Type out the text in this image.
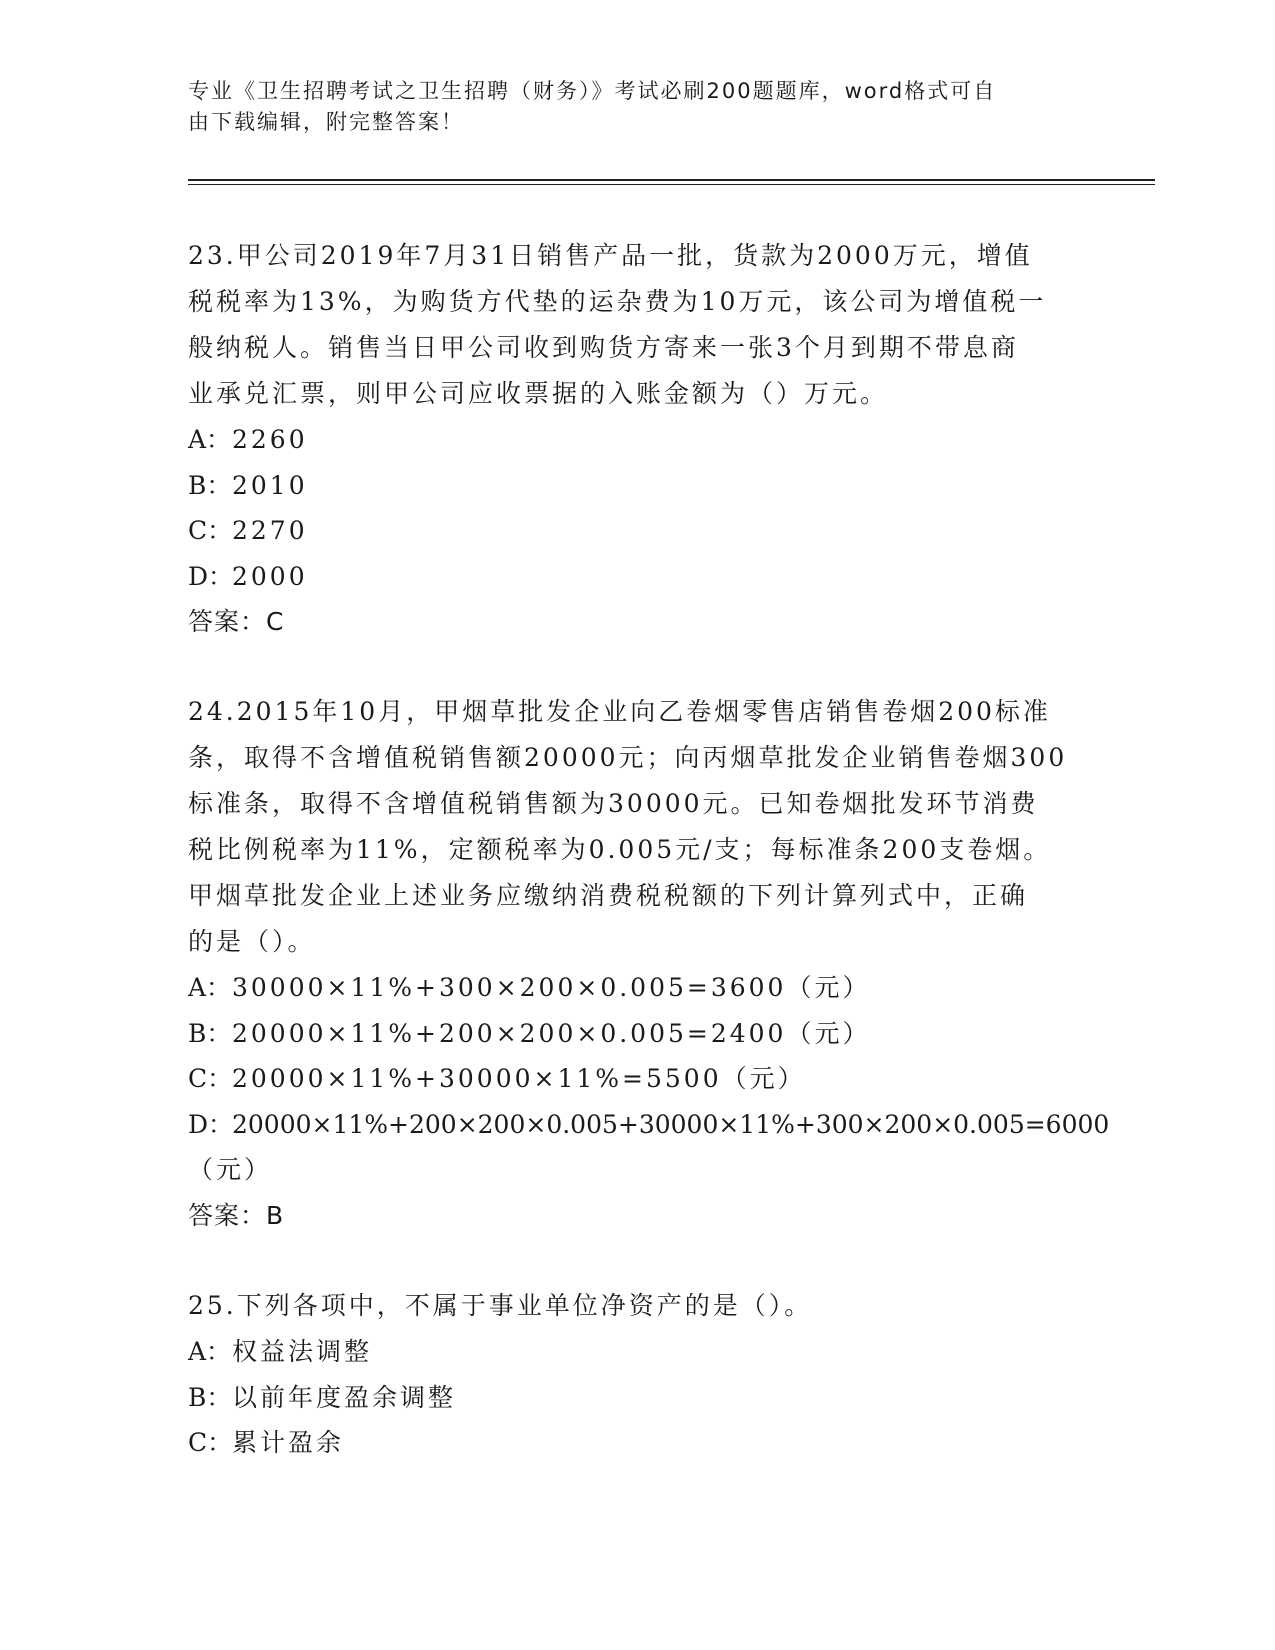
专业《卫生招聘考试之卫生招聘（财务）》考试必刷200题题库，word格式可自
由下载编辑，附完整答案！

23.甲公司2019年7月31日销售产品一批，货款为2000万元，增值

税税率为13%，为购货方代垫的运杂费为10万元，该公司为增值税一

般纳税人。销售当日甲公司收到购货方寄来一张3个月到期不带息商

业承兑汇票，则甲公司应收票据的入账金额为（）万元。

A：2260

B：2010

C：2270

D：2000

答案：C

24.2015年10月，甲烟草批发企业向乙卷烟零售店销售卷烟200标准

条，取得不含增值税销售额20000元；向丙烟草批发企业销售卷烟300

标准条，取得不含增值税销售额为30000元。已知卷烟批发环节消费

税比例税率为11%，定额税率为0.005元/支；每标准条200支卷烟。

甲烟草批发企业上述业务应缴纳消费税税额的下列计算列式中，正确

的是（）。

A：30000×11%+300×200×0.005=3600（元）

B：20000×11%+200×200×0.005=2400（元）

C：20000×11%+30000×11%=5500（元）

D：20000×11%+200×200×0.005+30000×11%+300×200×0.005=6000

（元）

答案：B

25.下列各项中，不属于事业单位净资产的是（）。

A：权益法调整

B：以前年度盈余调整

C：累计盈余
